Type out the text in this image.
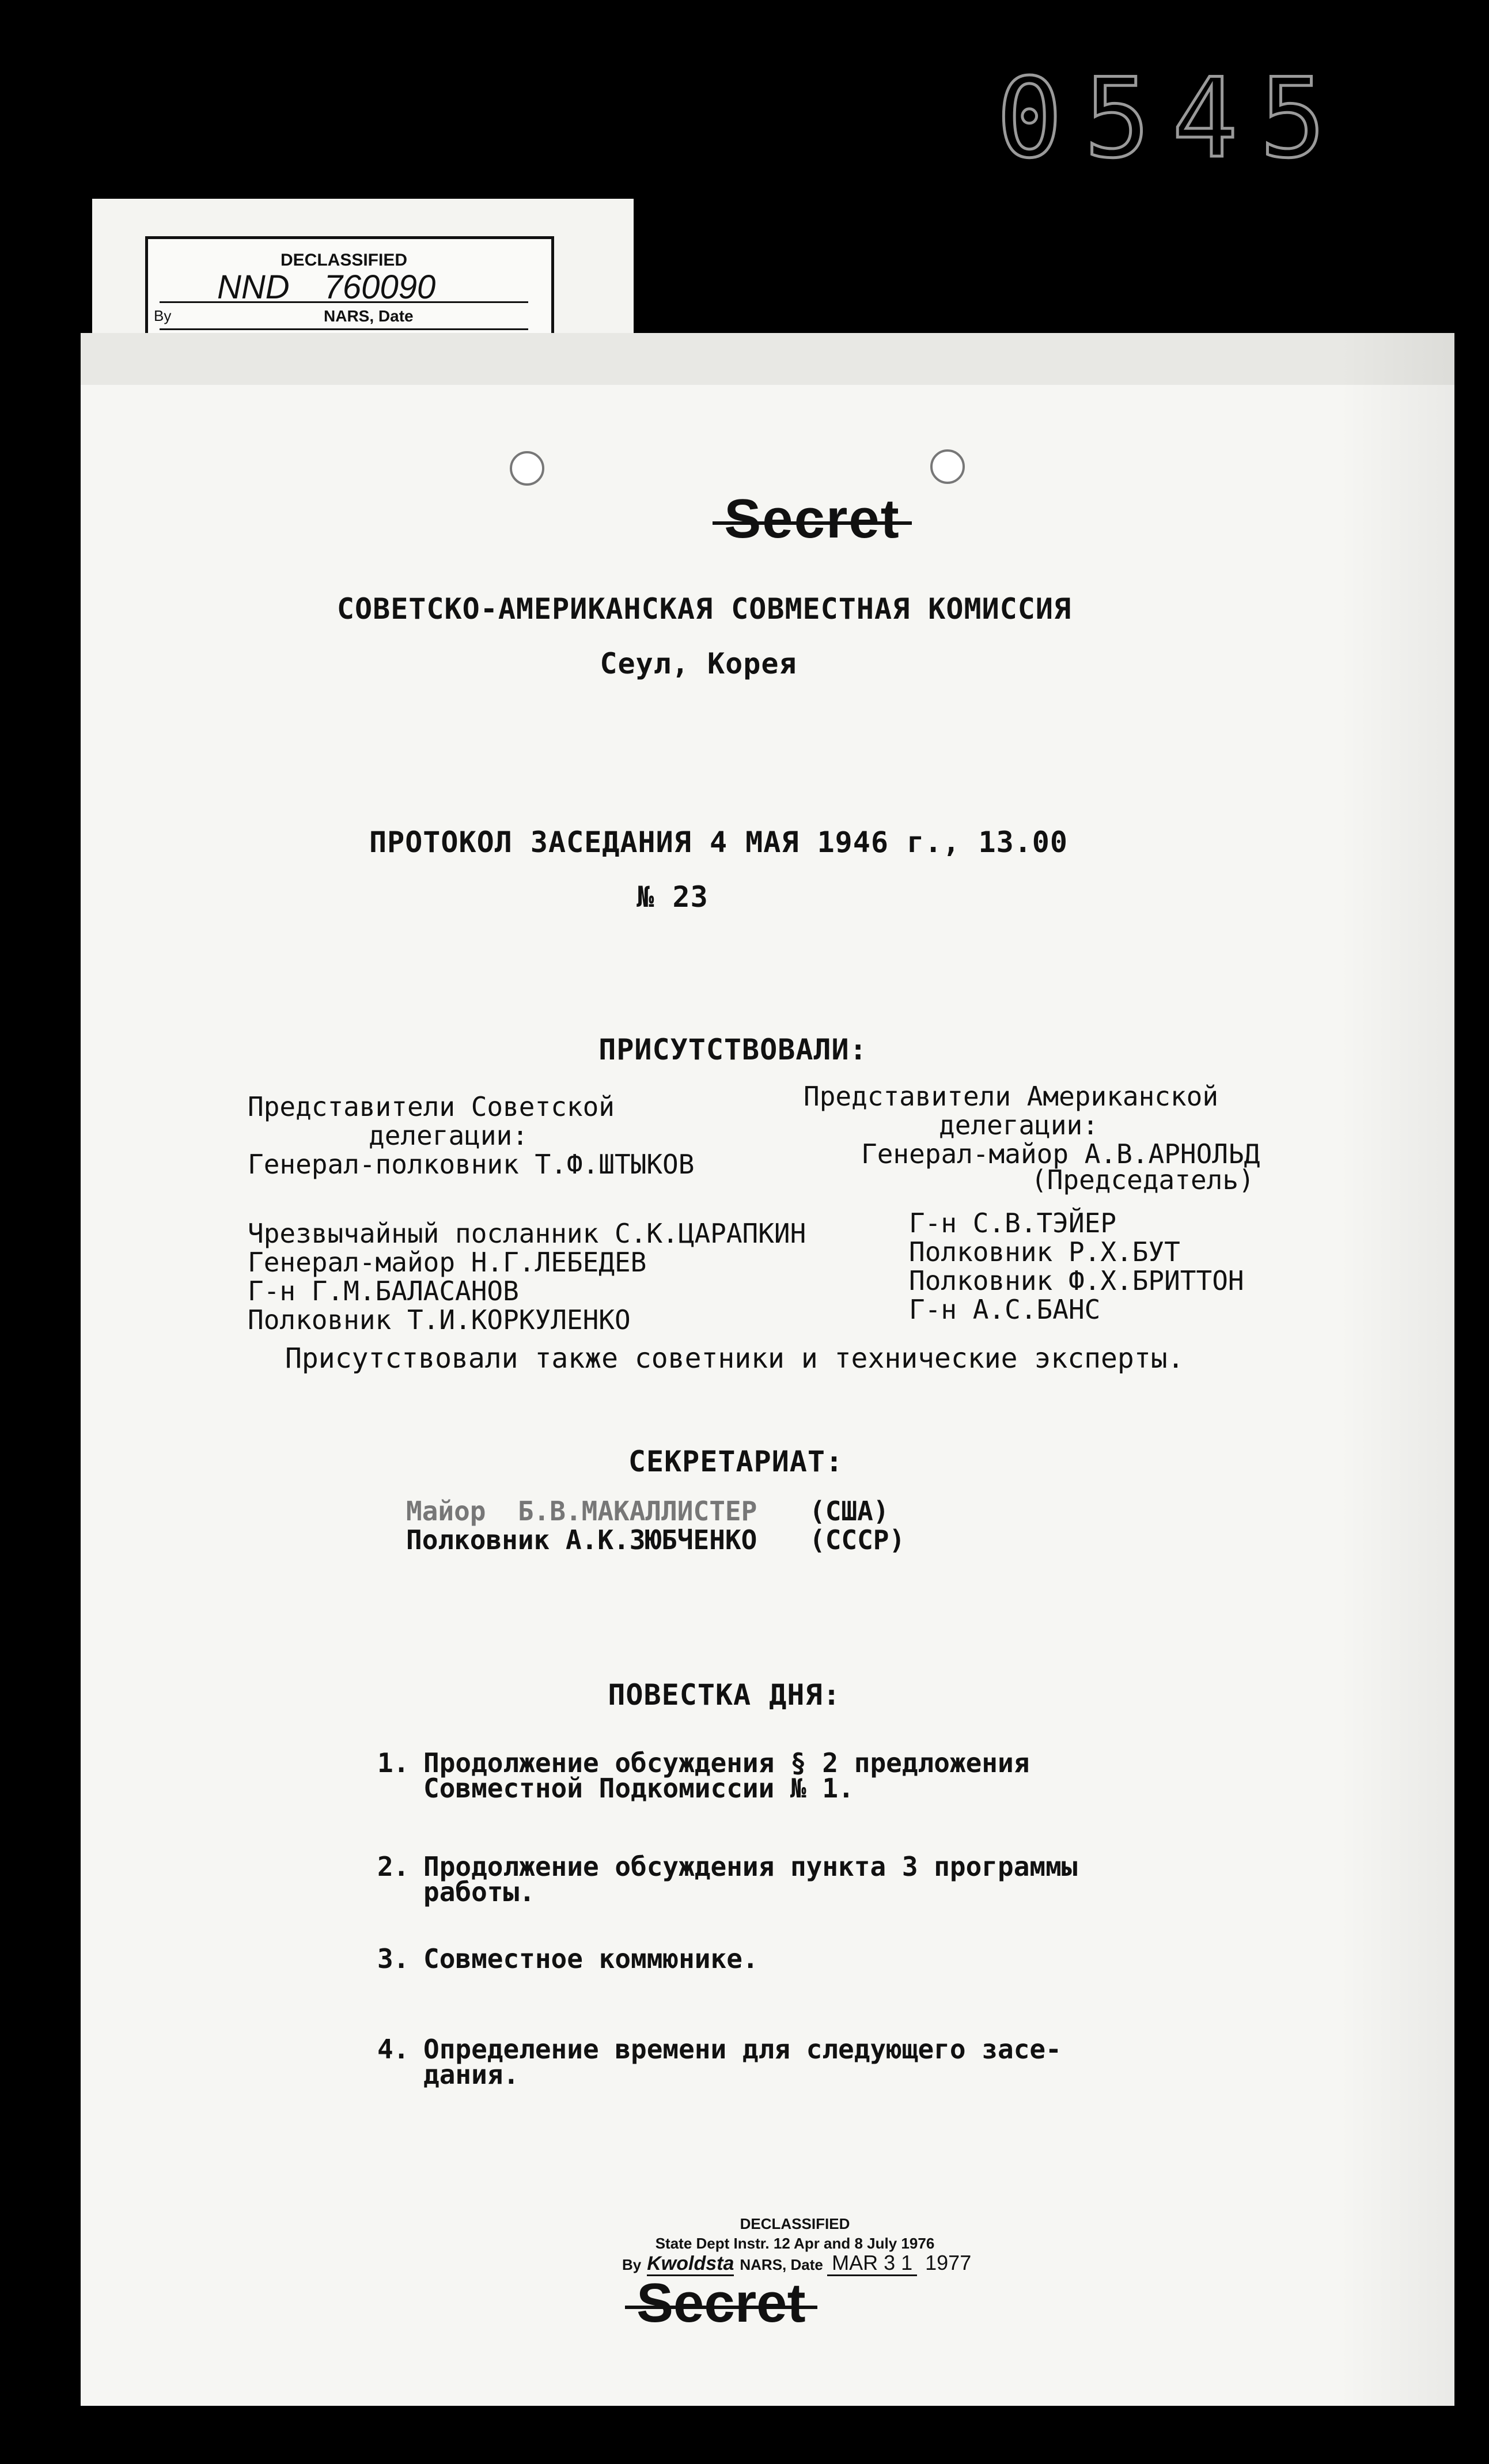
0545
DECLASSIFIED
NND 760090
By	NARS, Date
Secret
СОВЕТСКО-АМЕРИКАНСКАЯ СОВМЕСТНАЯ КОМИССИЯ
Сеул, Корея
ПРОТОКОЛ ЗАСЕДАНИЯ 4 МАЯ 1946 г., 13.00
№ 23
ПРИСУТСТВОВАЛИ:
Представители Советской
делегации:
Генерал-полковник Т.Ф.ШТЫКОВ
Чрезвычайный посланник С.К.ЦАРАПКИН
Генерал-майор Н.Г.ЛЕБЕДЕВ
Г-н Г.М.БАЛАСАНОВ
Полковник Т.И.КОРКУЛЕНКО
Представители Американской
делегации:
Генерал-майор А.В.АРНОЛЬД
(Председатель)
Г-н С.В.ТЭЙЕР
Полковник Р.Х.БУТ
Полковник Ф.Х.БРИТТОН
Г-н А.С.БАНС
Присутствовали также советники и технические эксперты.
СЕКРЕТАРИАТ:
Майор  Б.В.МАКАЛЛИСТЕР (США)
Полковник А.К.ЗЮБЧЕНКО (СССР)
ПОВЕСТКА ДНЯ:
1. Продолжение обсуждения § 2 предложения
Совместной Подкомиссии № 1.
2. Продолжение обсуждения пункта 3 программы
работы.
3. Совместное коммюнике.
4. Определение времени для следующего засе-
дания.
DECLASSIFIED
State Dept Instr. 12 Apr and 8 July 1976
By Kwoldsta NARS, Date MAR 3 1 1977
Secret
